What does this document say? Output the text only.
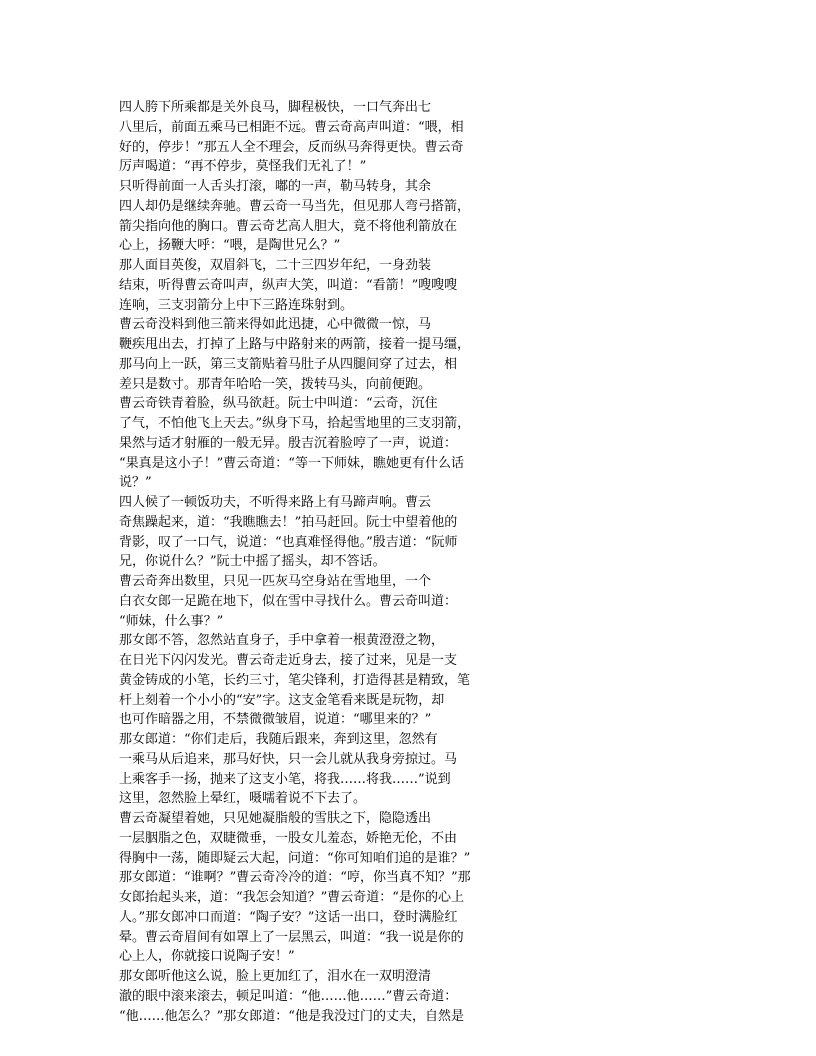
四人胯下所乘都是关外良马，脚程极快，一口气奔出七
八里后，前面五乘马已相距不远。曹云奇高声叫道：“喂，相
好的，停步！”那五人全不理会，反而纵马奔得更快。曹云奇
厉声喝道：“再不停步，莫怪我们无礼了！”
只听得前面一人舌头打滚，嘟的一声，勒马转身，其余
四人却仍是继续奔驰。曹云奇一马当先，但见那人弯弓搭箭，
箭尖指向他的胸口。曹云奇艺高人胆大，竟不将他利箭放在
心上，扬鞭大呼：“喂，是陶世兄么？”
那人面目英俊，双眉斜飞，二十三四岁年纪，一身劲装
结束，听得曹云奇叫声，纵声大笑，叫道：“看箭！”嗖嗖嗖
连响，三支羽箭分上中下三路连珠射到。
曹云奇没料到他三箭来得如此迅捷，心中微微一惊，马
鞭疾甩出去，打掉了上路与中路射来的两箭，接着一提马缰，
那马向上一跃，第三支箭贴着马肚子从四腿间穿了过去，相
差只是数寸。那青年哈哈一笑，拨转马头，向前便跑。
曹云奇铁青着脸，纵马欲赶。阮士中叫道：“云奇，沉住
了气，不怕他飞上天去。”纵身下马，拾起雪地里的三支羽箭，
果然与适才射雁的一般无异。殷吉沉着脸哼了一声，说道：
“果真是这小子！”曹云奇道：“等一下师妹，瞧她更有什么话
说？”
四人候了一顿饭功夫，不听得来路上有马蹄声响。曹云
奇焦躁起来，道：“我瞧瞧去！”拍马赶回。阮士中望着他的
背影，叹了一口气，说道：“也真难怪得他。”殷吉道：“阮师
兄，你说什么？”阮士中摇了摇头，却不答话。
曹云奇奔出数里，只见一匹灰马空身站在雪地里，一个
白衣女郎一足跪在地下，似在雪中寻找什么。曹云奇叫道：
“师妹，什么事？”
那女郎不答，忽然站直身子，手中拿着一根黄澄澄之物，
在日光下闪闪发光。曹云奇走近身去，接了过来，见是一支
黄金铸成的小笔，长约三寸，笔尖锋利，打造得甚是精致，笔
杆上刻着一个小小的“安”字。这支金笔看来既是玩物，却
也可作暗器之用，不禁微微皱眉，说道：“哪里来的？”
那女郎道：“你们走后，我随后跟来，奔到这里，忽然有
一乘马从后追来，那马好快，只一会儿就从我身旁掠过。马
上乘客手一扬，抛来了这支小笔，将我……将我……”说到
这里，忽然脸上晕红，嗫嚅着说不下去了。
曹云奇凝望着她，只见她凝脂般的雪肤之下，隐隐透出
一层胭脂之色，双睫微垂，一股女儿羞态，娇艳无伦，不由
得胸中一荡，随即疑云大起，问道：“你可知咱们追的是谁？”
那女郎道：“谁啊？”曹云奇冷冷的道：“哼，你当真不知？”那
女郎抬起头来，道：“我怎会知道？”曹云奇道：“是你的心上
人。”那女郎冲口而道：“陶子安？”这话一出口，登时满脸红
晕。曹云奇眉间有如罩上了一层黑云，叫道：“我一说是你的
心上人，你就接口说陶子安！”
那女郎听他这么说，脸上更加红了，泪水在一双明澄清
澈的眼中滚来滚去，顿足叫道：“他……他……”曹云奇道：
“他……他怎么？”那女郎道：“他是我没过门的丈夫，自然是
